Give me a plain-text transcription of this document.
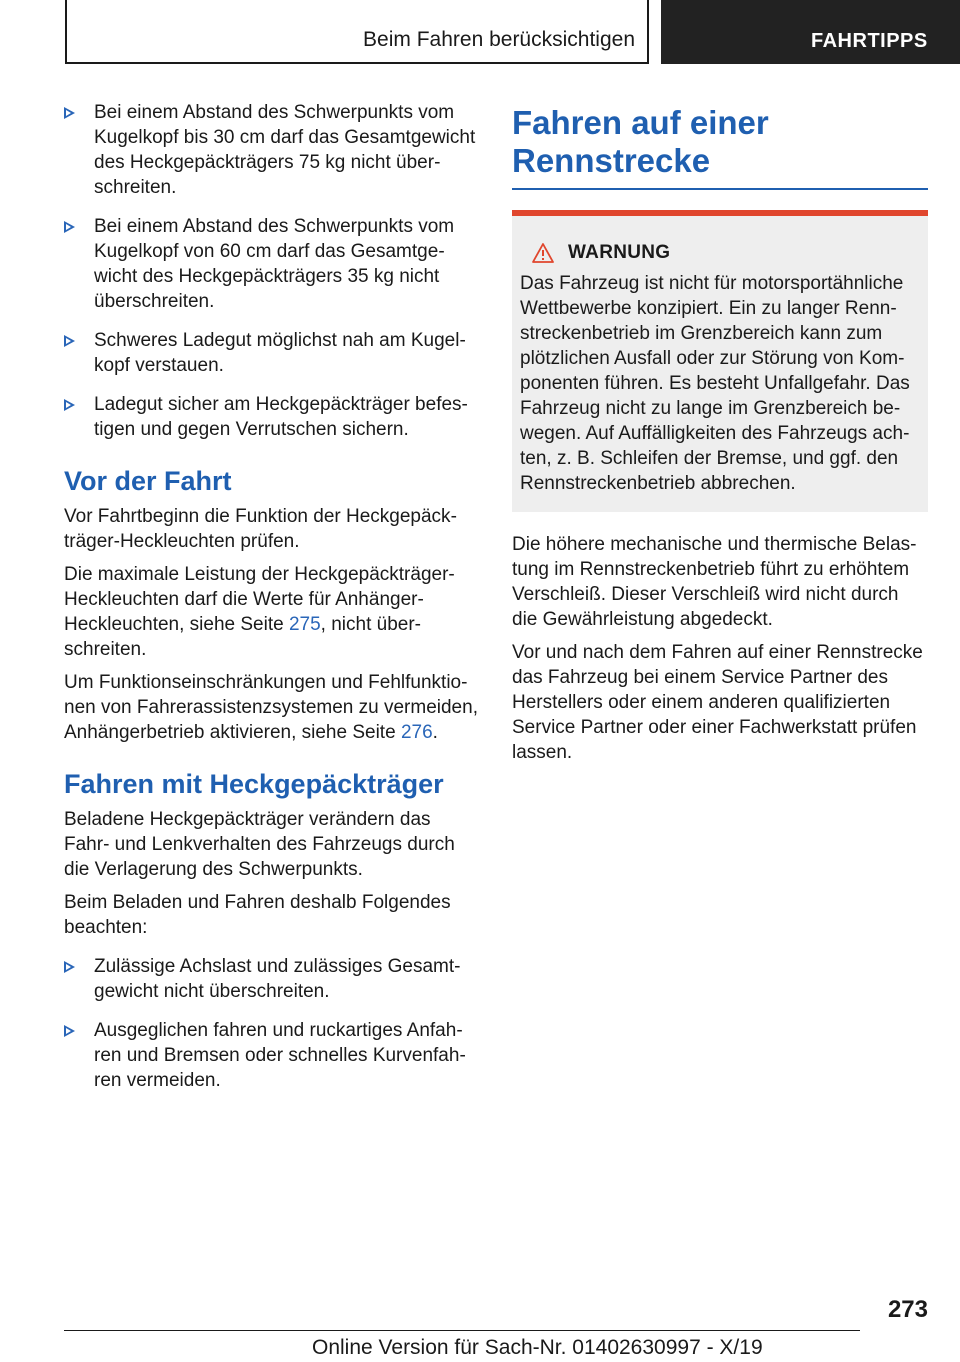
Beim Fahren berücksichtigen	FAHRTIPPS
Bei einem Abstand des Schwerpunkts vom Kugelkopf bis 30 cm darf das Gesamtgewicht des Heckgepäckträgers 75 kg nicht überschreiten.
Bei einem Abstand des Schwerpunkts vom Kugelkopf von 60 cm darf das Gesamtgewicht des Heckgepäckträgers 35 kg nicht überschreiten.
Schweres Ladegut möglichst nah am Kugelkopf verstauen.
Ladegut sicher am Heckgepäckträger befestigen und gegen Verrutschen sichern.
Vor der Fahrt

Vor Fahrtbeginn die Funktion der Heckgepäckträger-Heckleuchten prüfen.

Die maximale Leistung der Heckgepäckträger-Heckleuchten darf die Werte für Anhänger-Heckleuchten, siehe Seite 275, nicht überschreiten.

Um Funktionseinschränkungen und Fehlfunktionen von Fahrerassistenzsystemen zu vermeiden, Anhängerbetrieb aktivieren, siehe Seite 276.

Fahren mit Heckgepäckträger

Beladene Heckgepäckträger verändern das Fahr- und Lenkverhalten des Fahrzeugs durch die Verlagerung des Schwerpunkts.

Beim Beladen und Fahren deshalb Folgendes beachten:

Zulässige Achslast und zulässiges Gesamtgewicht nicht überschreiten.
Ausgeglichen fahren und ruckartiges Anfahren und Bremsen oder schnelles Kurvenfahren vermeiden.
Fahren auf einer Rennstrecke
WARNUNG
Das Fahrzeug ist nicht für motorsportähnliche Wettbewerbe konzipiert. Ein zu langer Rennstreckenbetrieb im Grenzbereich kann zum plötzlichen Ausfall oder zur Störung von Komponenten führen. Es besteht Unfallgefahr. Das Fahrzeug nicht zu lange im Grenzbereich bewegen. Auf Auffälligkeiten des Fahrzeugs achten, z. B. Schleifen der Bremse, und ggf. den Rennstreckenbetrieb abbrechen.

Die höhere mechanische und thermische Belastung im Rennstreckenbetrieb führt zu erhöhtem Verschleiß. Dieser Verschleiß wird nicht durch die Gewährleistung abgedeckt.

Vor und nach dem Fahren auf einer Rennstrecke das Fahrzeug bei einem Service Partner des Herstellers oder einem anderen qualifizierten Service Partner oder einer Fachwerkstatt prüfen lassen.

273
Online Version für Sach-Nr. 01402630997 - X/19
